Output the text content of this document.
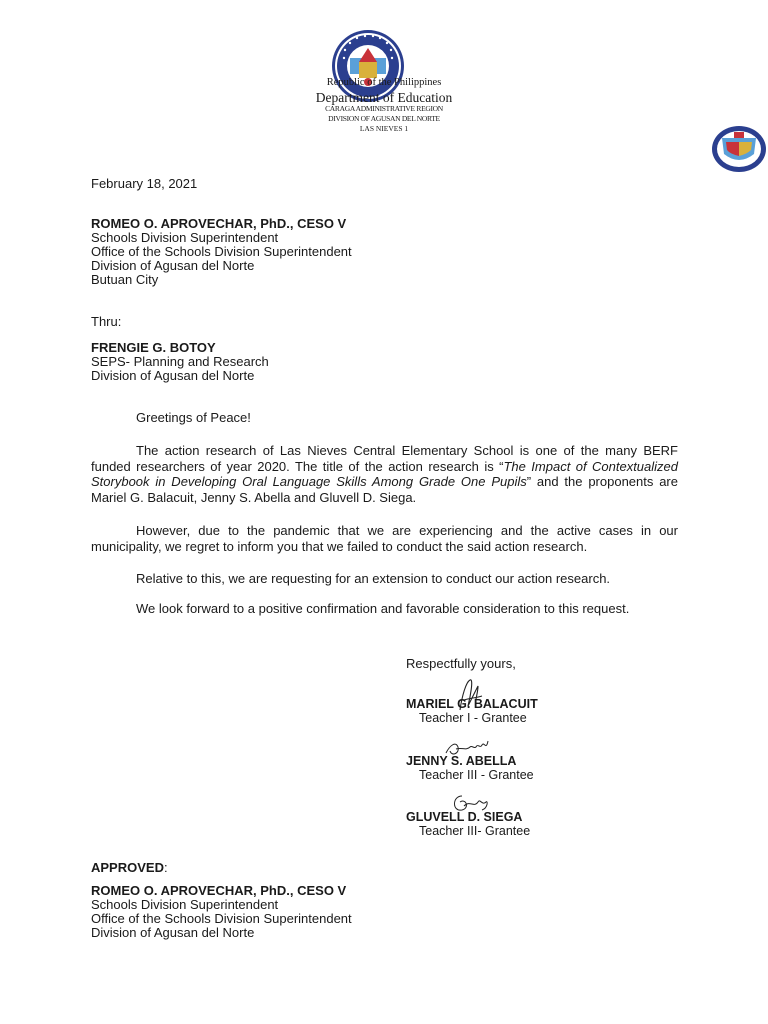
Republic of the Philippines
Department of Education
CARAGA ADMINISTRATIVE REGION
DIVISION OF AGUSAN DEL NORTE
LAS NIEVES 1
February 18, 2021
ROMEO O. APROVECHAR, PhD., CESO V
Schools Division Superintendent
Office of the Schools Division Superintendent
Division of Agusan del Norte
Butuan City
Thru:
FRENGIE G. BOTOY
SEPS- Planning and Research
Division of Agusan del Norte
Greetings of Peace!
The action research of Las Nieves Central Elementary School is one of the many BERF funded researchers of year 2020. The title of the action research is “The Impact of Contextualized Storybook in Developing Oral Language Skills Among Grade One Pupils” and the proponents are Mariel G. Balacuit, Jenny S. Abella and Gluvell D. Siega.
However, due to the pandemic that we are experiencing and the active cases in our municipality, we regret to inform you that we failed to conduct the said action research.
Relative to this, we are requesting for an extension to conduct our action research.
We look forward to a positive confirmation and favorable consideration to this request.
Respectfully yours,
MARIEL G. BALACUIT
Teacher I - Grantee
JENNY S. ABELLA
Teacher III - Grantee
GLUVELL D. SIEGA
Teacher III- Grantee
APPROVED:
ROMEO O. APROVECHAR, PhD., CESO V
Schools Division Superintendent
Office of the Schools Division Superintendent
Division of Agusan del Norte
